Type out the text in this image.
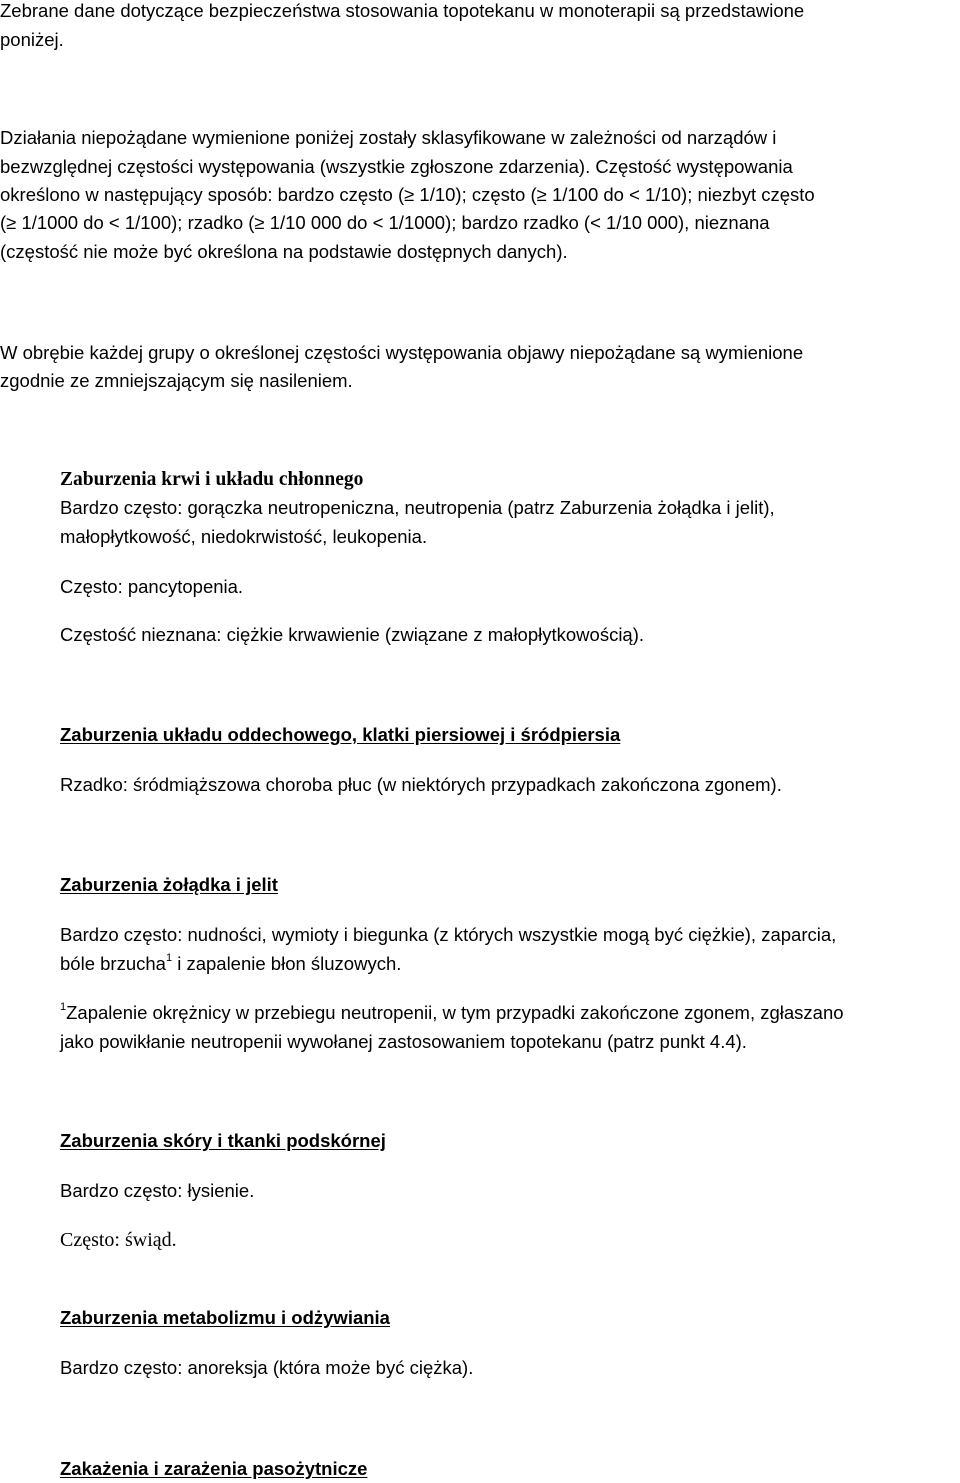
Zebrane dane dotyczące bezpieczeństwa stosowania topotekanu w monoterapii są przedstawione

poniżej.

Działania niepożądane wymienione poniżej zostały sklasyfikowane w zależności od narządów i

bezwzględnej częstości występowania (wszystkie zgłoszone zdarzenia). Częstość występowania

określono w następujący sposób: bardzo często (≥ 1/10); często (≥ 1/100 do < 1/10); niezbyt często

(≥ 1/1000 do < 1/100); rzadko (≥ 1/10 000 do < 1/1000); bardzo rzadko (< 1/10 000), nieznana

(częstość nie może być określona na podstawie dostępnych danych).

W obrębie każdej grupy o określonej częstości występowania objawy niepożądane są wymienione

zgodnie ze zmniejszającym się nasileniem.

Zaburzenia krwi i układu chłonnego

Bardzo często: gorączka neutropeniczna, neutropenia (patrz Zaburzenia żołądka i jelit),

małopłytkowość, niedokrwistość, leukopenia.

Często: pancytopenia.

Częstość nieznana: ciężkie krwawienie (związane z małopłytkowością).

Zaburzenia układu oddechowego, klatki piersiowej i śródpiersia

Rzadko: śródmiąższowa choroba płuc (w niektórych przypadkach zakończona zgonem).

Zaburzenia żołądka i jelit

Bardzo często: nudności, wymioty i biegunka (z których wszystkie mogą być ciężkie), zaparcia,

bóle brzucha$^1$ i zapalenie błon śluzowych.

$^1$Zapalenie okrężnicy w przebiegu neutropenii, w tym przypadki zakończone zgonem, zgłaszano

jako powikłanie neutropenii wywołanej zastosowaniem topotekanu (patrz punkt 4.4).

Zaburzenia skóry i tkanki podskórnej

Bardzo często: łysienie.

Często: świąd.

Zaburzenia metabolizmu i odżywiania

Bardzo często: anoreksja (która może być ciężka).

Zakażenia i zarażenia pasożytnicze
